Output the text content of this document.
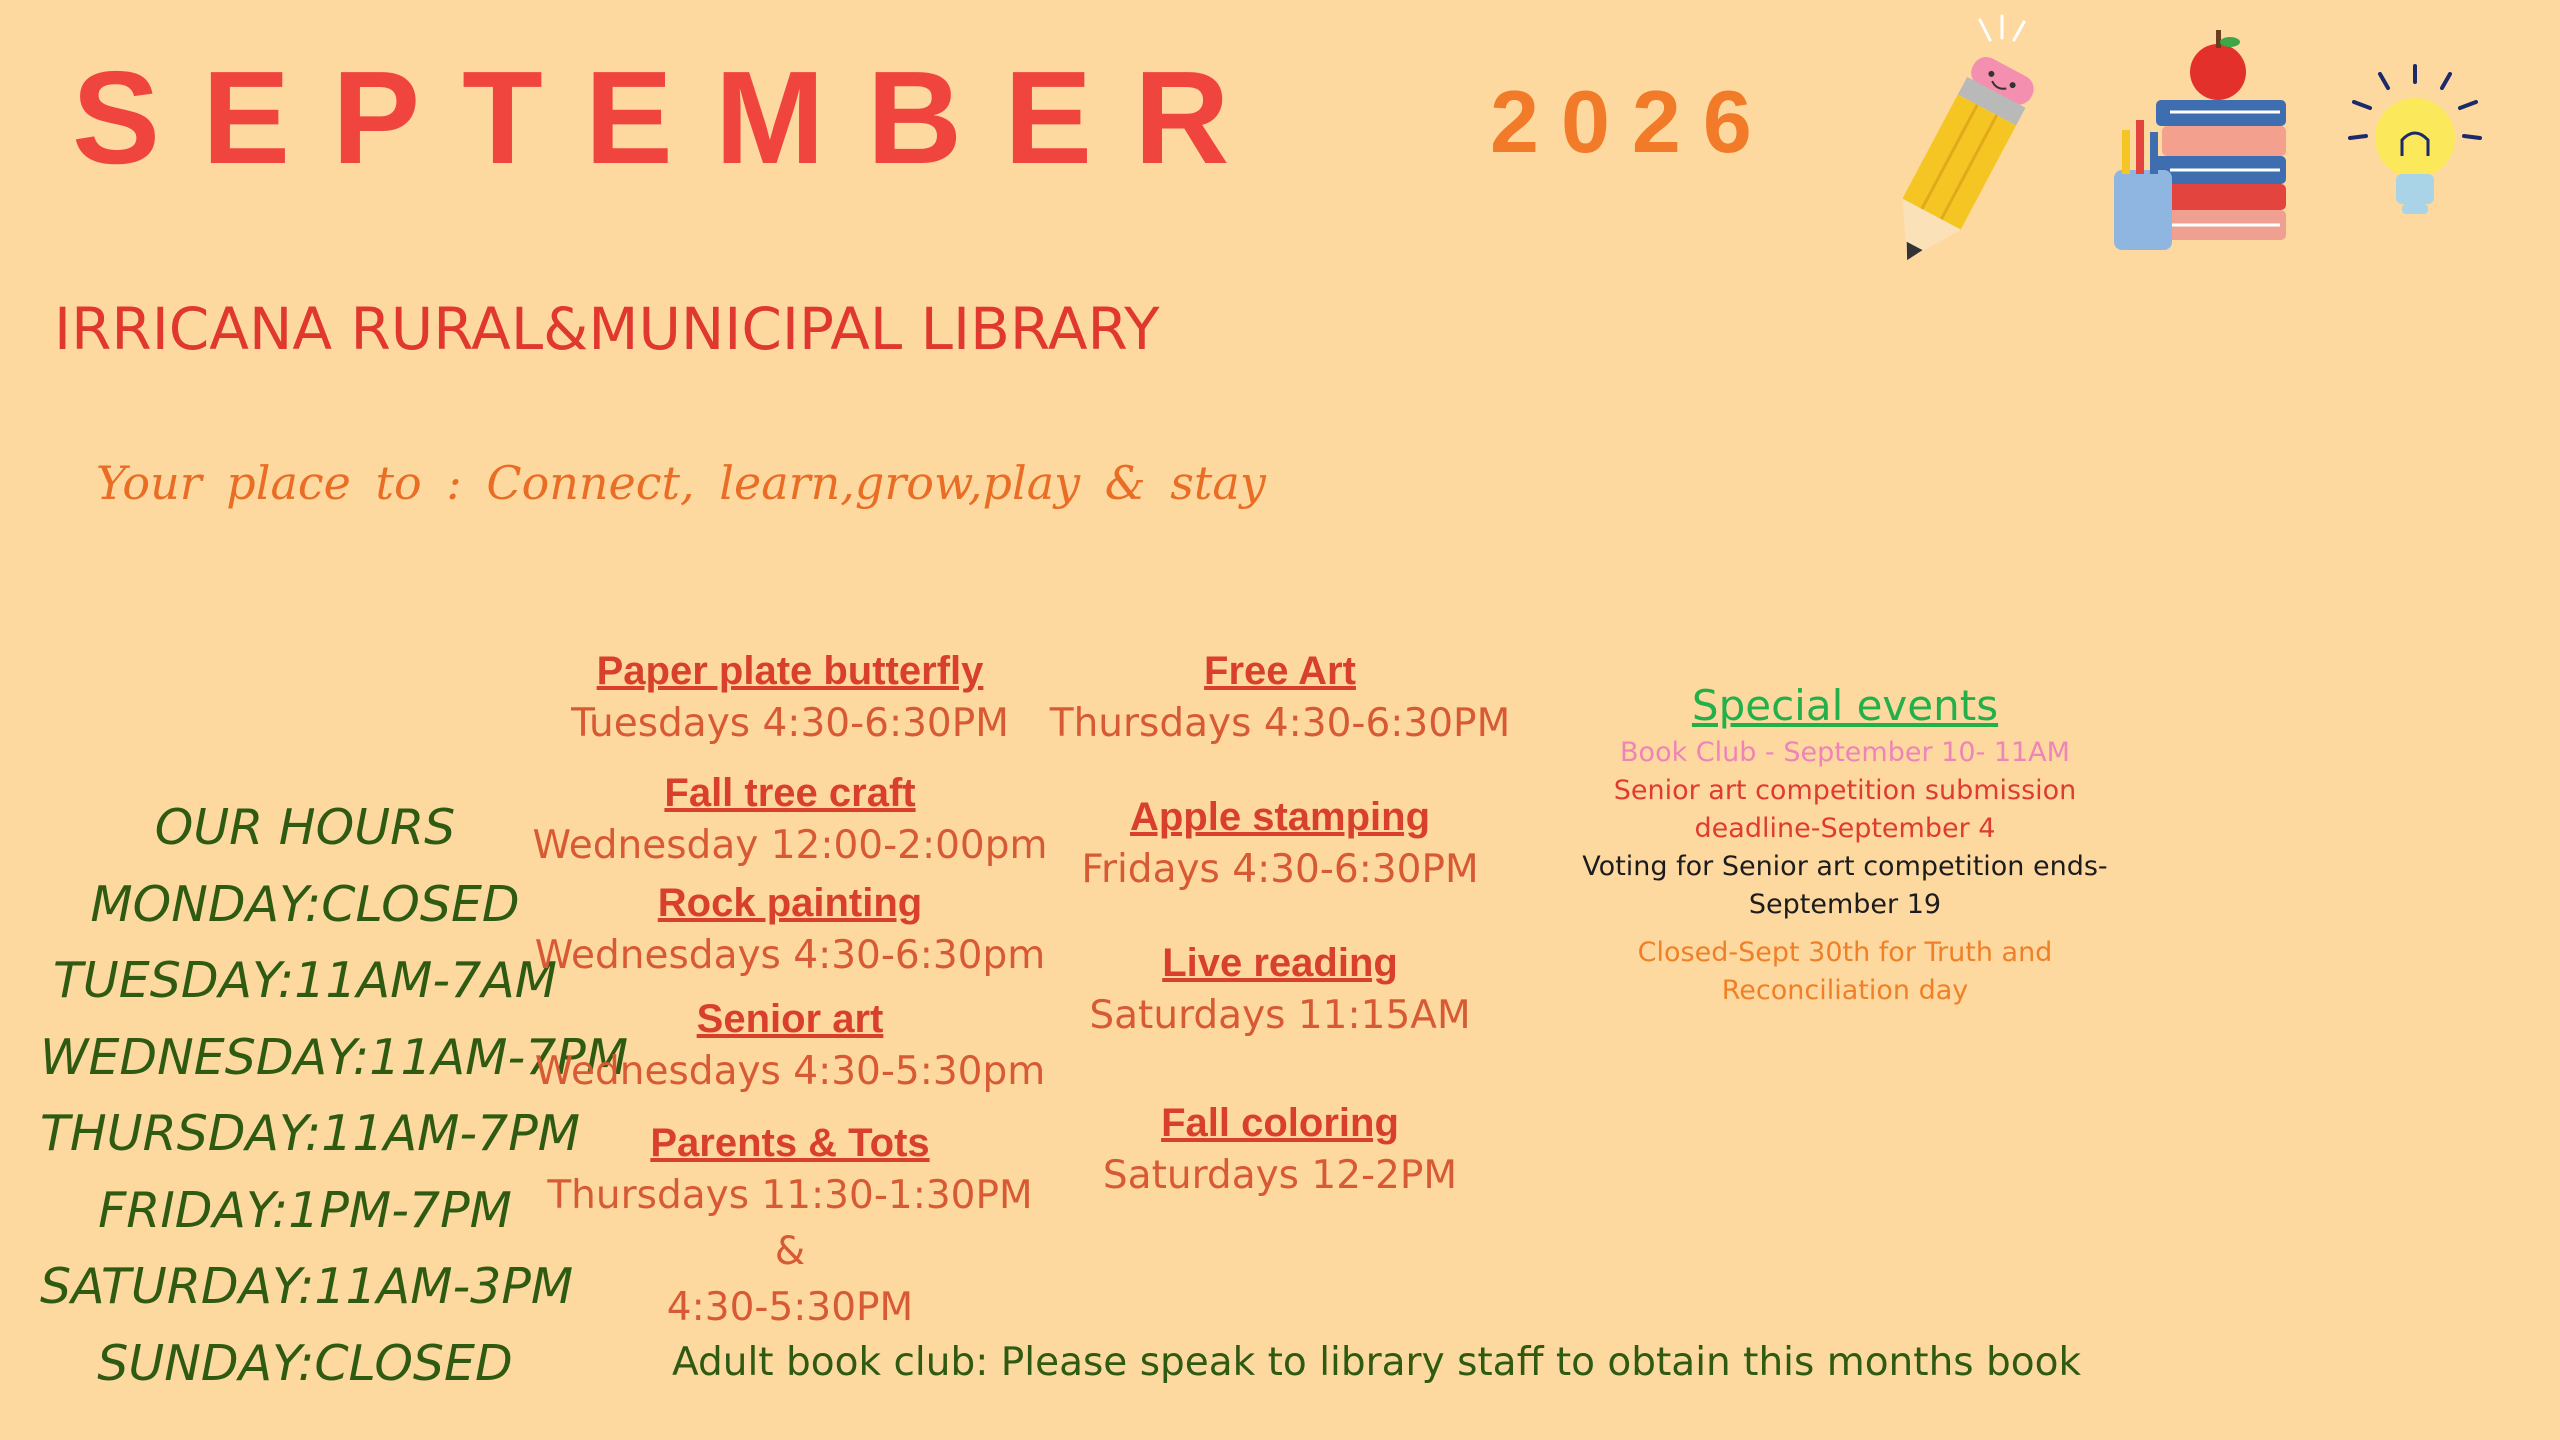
SEPTEMBER 2026
IRRICANA RURAL&MUNICIPAL LIBRARY
Your place to : Connect, learn,grow,play & stay
OUR HOURS
MONDAY:CLOSED
TUESDAY:11AM-7AM
WEDNESDAY:11AM-7PM
THURSDAY:11AM-7PM
FRIDAY:1PM-7PM
SATURDAY:11AM-3PM
SUNDAY:CLOSED
Paper plate butterfly
Tuesdays 4:30-6:30PM
Fall tree craft
Wednesday 12:00-2:00pm
Rock painting
Wednesdays 4:30-6:30pm
Senior art
Wednesdays 4:30-5:30pm
Parents & Tots
Thursdays 11:30-1:30PM
&
4:30-5:30PM
Free Art
Thursdays 4:30-6:30PM
Apple stamping
Fridays 4:30-6:30PM
Live reading
Saturdays 11:15AM
Fall coloring
Saturdays 12-2PM
Special events
Book Club - September 10- 11AM
Senior art competition submission
deadline-September 4
Voting for Senior art competition ends-
September 19
Closed-Sept 30th for Truth and
Reconciliation day
Adult book club: Please speak to library staff to obtain this months book
